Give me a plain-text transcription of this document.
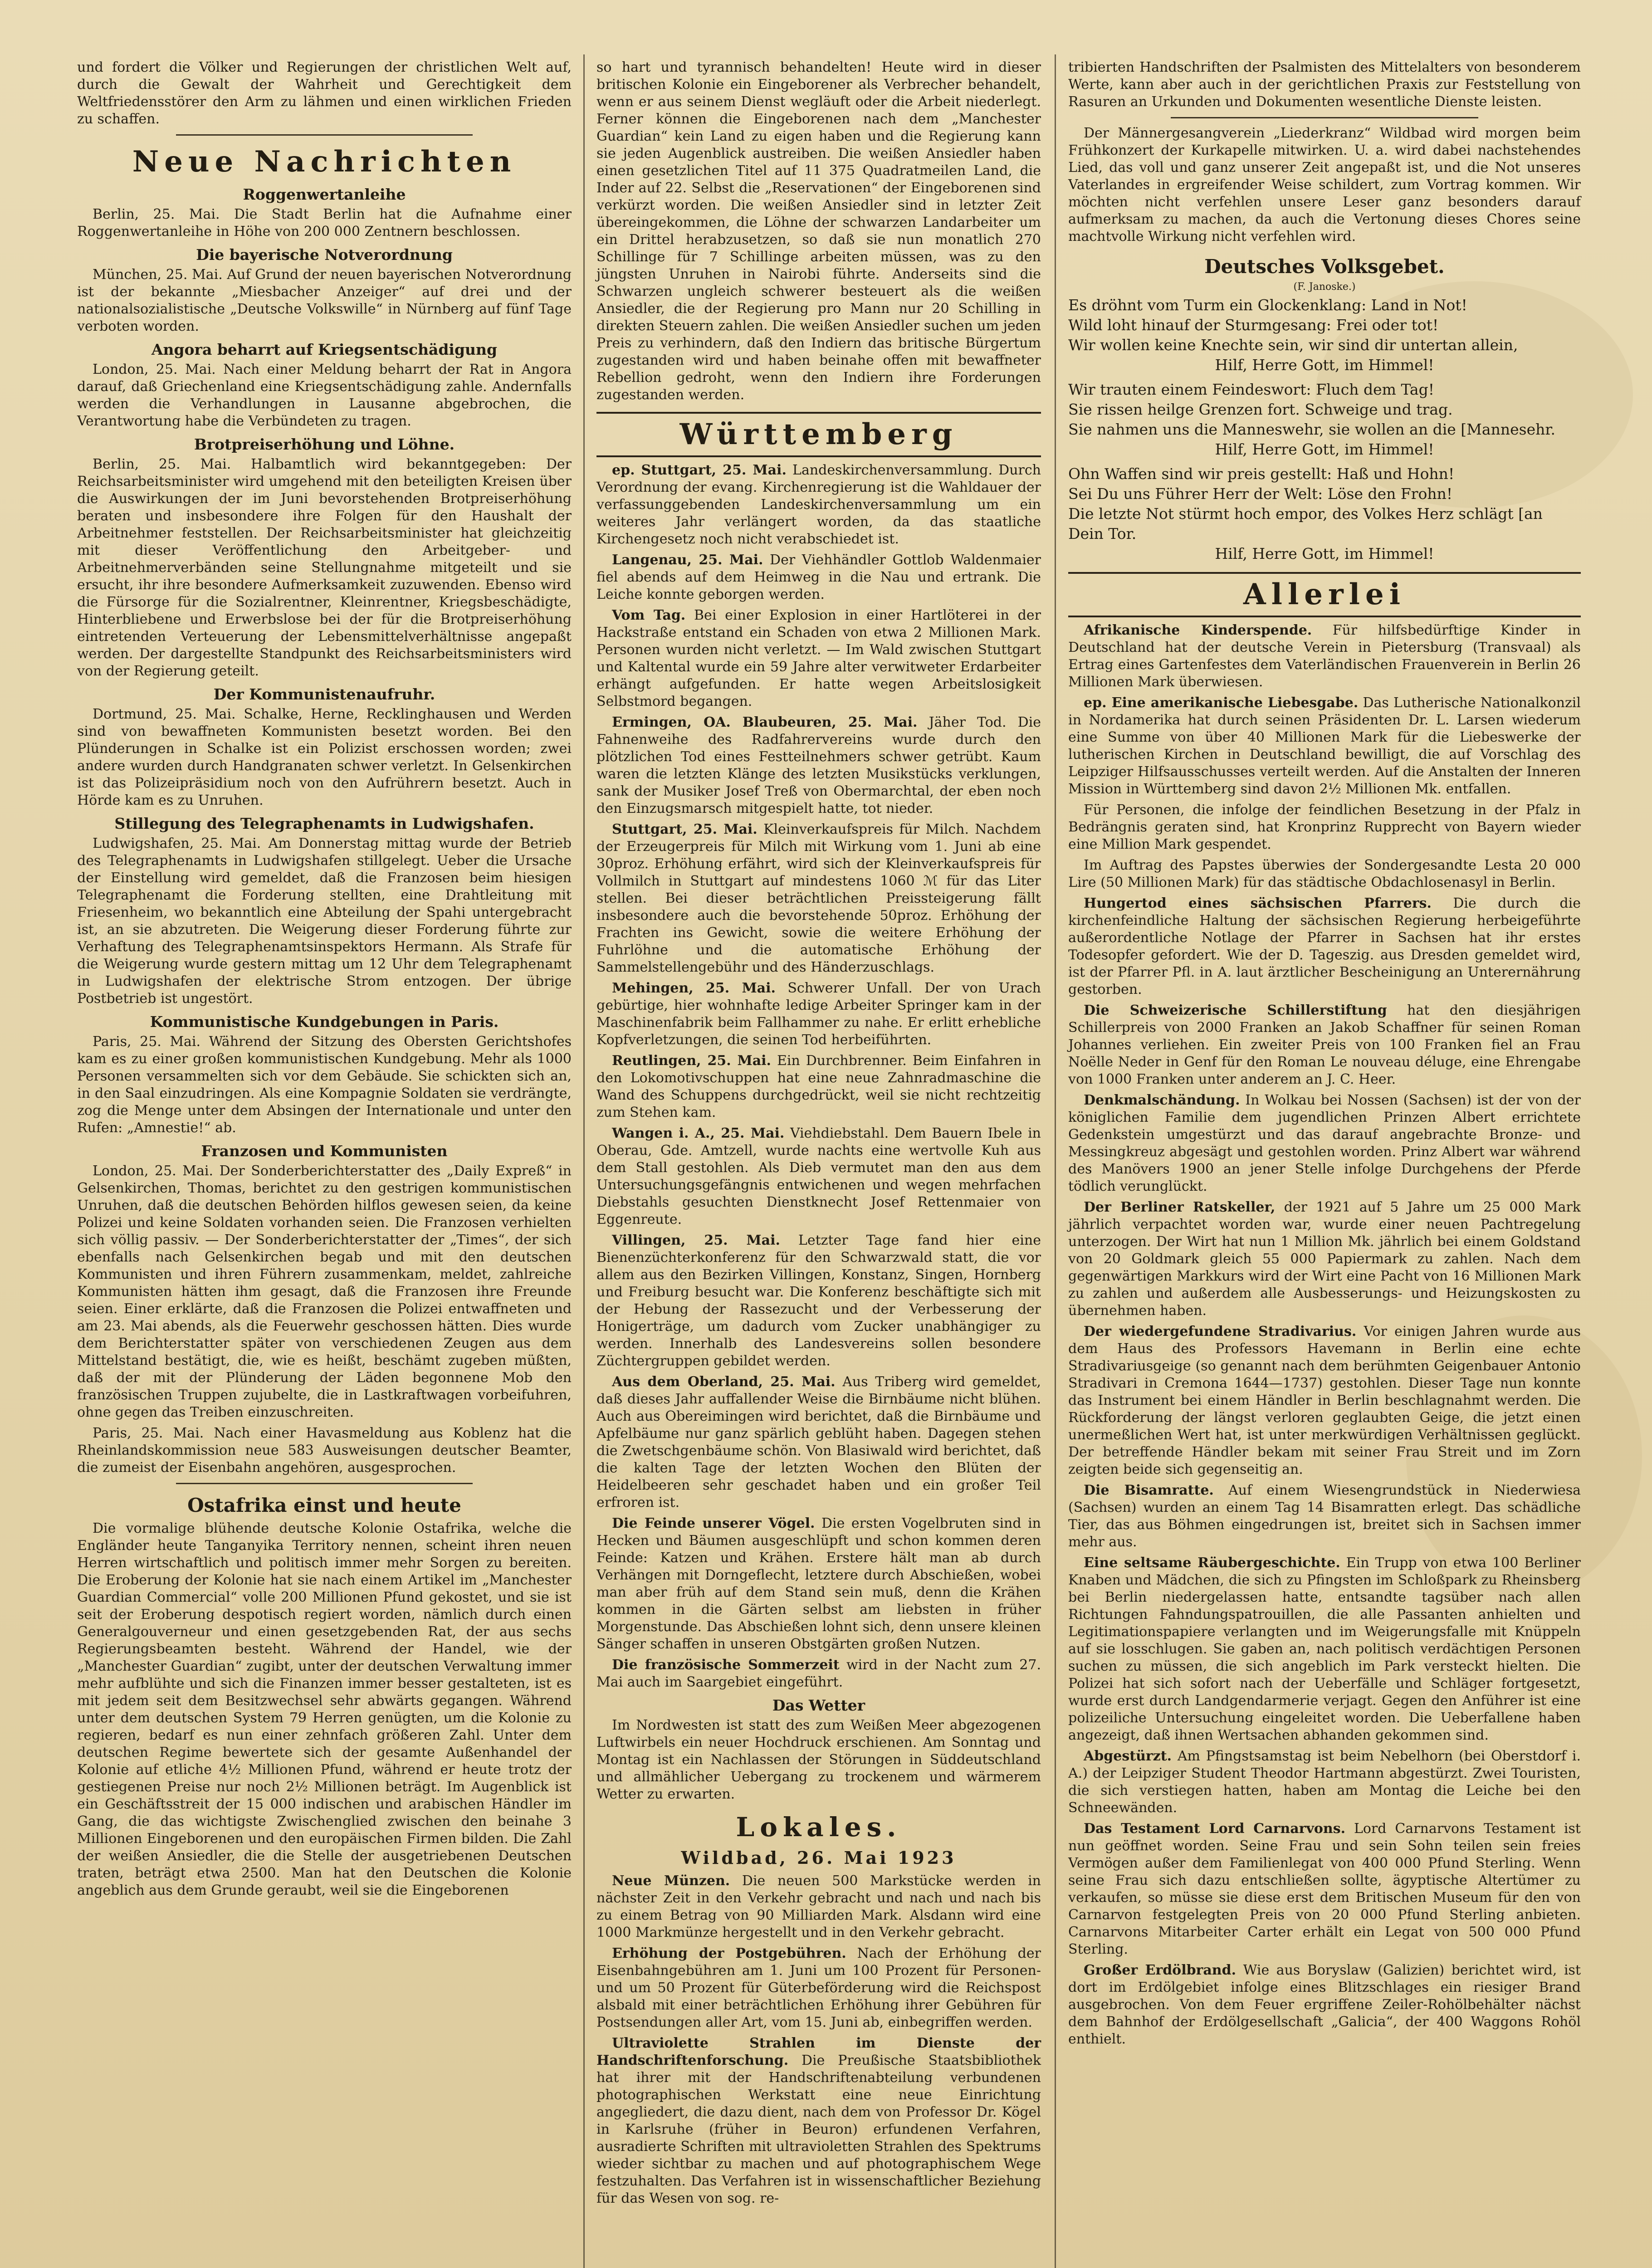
und fordert die Völker und Regierungen der christlichen Welt auf, durch die Gewalt der Wahrheit und Gerechtigkeit dem Weltfriedensstörer den Arm zu lähmen und einen wirklichen Frieden zu schaffen.
Neue Nachrichten
Roggenwertanleihe

Berlin, 25. Mai. Die Stadt Berlin hat die Aufnahme einer Roggenwertanleihe in Höhe von 200 000 Zentnern beschlossen.

Die bayerische Notverordnung

München, 25. Mai. Auf Grund der neuen bayerischen Notverordnung ist der bekannte „Miesbacher Anzeiger“ auf drei und der nationalsozialistische „Deutsche Volkswille“ in Nürnberg auf fünf Tage verboten worden.

Angora beharrt auf Kriegsentschädigung

London, 25. Mai. Nach einer Meldung beharrt der Rat in Angora darauf, daß Griechenland eine Kriegsentschädigung zahle. Andernfalls werden die Verhandlungen in Lausanne abgebrochen, die Verantwortung habe die Verbündeten zu tragen.

Brotpreiserhöhung und Löhne.

Berlin, 25. Mai. Halbamtlich wird bekanntgegeben: Der Reichsarbeitsminister wird umgehend mit den beteiligten Kreisen über die Auswirkungen der im Juni bevorstehenden Brotpreiserhöhung beraten und insbesondere ihre Folgen für den Haushalt der Arbeitnehmer feststellen. Der Reichsarbeitsminister hat gleichzeitig mit dieser Veröffentlichung den Arbeitgeber- und Arbeitnehmerverbänden seine Stellungnahme mitgeteilt und sie ersucht, ihr ihre besondere Aufmerksamkeit zuzuwenden. Ebenso wird die Fürsorge für die Sozialrentner, Kleinrentner, Kriegsbeschädigte, Hinterbliebene und Erwerbslose bei der für die Brotpreiserhöhung eintretenden Verteuerung der Lebensmittelverhältnisse angepaßt werden. Der dargestellte Standpunkt des Reichsarbeitsministers wird von der Regierung geteilt.

Der Kommunistenaufruhr.

Dortmund, 25. Mai. Schalke, Herne, Recklinghausen und Werden sind von bewaffneten Kommunisten besetzt worden. Bei den Plünderungen in Schalke ist ein Polizist erschossen worden; zwei andere wurden durch Handgranaten schwer verletzt. In Gelsenkirchen ist das Polizeipräsidium noch von den Aufrührern besetzt. Auch in Hörde kam es zu Unruhen.

Stillegung des Telegraphenamts in Ludwigshafen.

Ludwigshafen, 25. Mai. Am Donnerstag mittag wurde der Betrieb des Telegraphenamts in Ludwigshafen stillgelegt. Ueber die Ursache der Einstellung wird gemeldet, daß die Franzosen beim hiesigen Telegraphenamt die Forderung stellten, eine Drahtleitung mit Friesenheim, wo bekanntlich eine Abteilung der Spahi untergebracht ist, an sie abzutreten. Die Weigerung dieser Forderung führte zur Verhaftung des Telegraphenamtsinspektors Hermann. Als Strafe für die Weigerung wurde gestern mittag um 12 Uhr dem Telegraphenamt in Ludwigshafen der elektrische Strom entzogen. Der übrige Postbetrieb ist ungestört.

Kommunistische Kundgebungen in Paris.

Paris, 25. Mai. Während der Sitzung des Obersten Gerichtshofes kam es zu einer großen kommunistischen Kundgebung. Mehr als 1000 Personen versammelten sich vor dem Gebäude. Sie schickten sich an, in den Saal einzudringen. Als eine Kompagnie Soldaten sie verdrängte, zog die Menge unter dem Absingen der Internationale und unter den Rufen: „Amnestie!“ ab.

Franzosen und Kommunisten

London, 25. Mai. Der Sonderberichterstatter des „Daily Expreß“ in Gelsenkirchen, Thomas, berichtet zu den gestrigen kommunistischen Unruhen, daß die deutschen Behörden hilflos gewesen seien, da keine Polizei und keine Soldaten vorhanden seien. Die Franzosen verhielten sich völlig passiv. — Der Sonderberichterstatter der „Times“, der sich ebenfalls nach Gelsenkirchen begab und mit den deutschen Kommunisten und ihren Führern zusammenkam, meldet, zahlreiche Kommunisten hätten ihm gesagt, daß die Franzosen ihre Freunde seien. Einer erklärte, daß die Franzosen die Polizei entwaffneten und am 23. Mai abends, als die Feuerwehr geschossen hätten. Dies wurde dem Berichterstatter später von verschiedenen Zeugen aus dem Mittelstand bestätigt, die, wie es heißt, beschämt zugeben müßten, daß der mit der Plünderung der Läden begonnene Mob den französischen Truppen zujubelte, die in Lastkraftwagen vorbeifuhren, ohne gegen das Treiben einzuschreiten.

Paris, 25. Mai. Nach einer Havasmeldung aus Koblenz hat die Rheinlandskommission neue 583 Ausweisungen deutscher Beamter, die zumeist der Eisenbahn angehören, ausgesprochen.

Ostafrika einst und heute

Die vormalige blühende deutsche Kolonie Ostafrika, welche die Engländer heute Tanganyika Territory nennen, scheint ihren neuen Herren wirtschaftlich und politisch immer mehr Sorgen zu bereiten. Die Eroberung der Kolonie hat sie nach einem Artikel im „Manchester Guardian Commercial“ volle 200 Millionen Pfund gekostet, und sie ist seit der Eroberung despotisch regiert worden, nämlich durch einen Generalgouverneur und einen gesetzgebenden Rat, der aus sechs Regierungsbeamten besteht. Während der Handel, wie der „Manchester Guardian“ zugibt, unter der deutschen Verwaltung immer mehr aufblühte und sich die Finanzen immer besser gestalteten, ist es mit jedem seit dem Besitzwechsel sehr abwärts gegangen. Während unter dem deutschen System 79 Herren genügten, um die Kolonie zu regieren, bedarf es nun einer zehnfach größeren Zahl. Unter dem deutschen Regime bewertete sich der gesamte Außenhandel der Kolonie auf etliche 4½ Millionen Pfund, während er heute trotz der gestiegenen Preise nur noch 2½ Millionen beträgt. Im Augenblick ist ein Geschäftsstreit der 15 000 indischen und arabischen Händler im Gang, die das wichtigste Zwischenglied zwischen den beinahe 3 Millionen Eingeborenen und den europäischen Firmen bilden. Die Zahl der weißen Ansiedler, die die Stelle der ausgetriebenen Deutschen traten, beträgt etwa 2500. Man hat den Deutschen die Kolonie angeblich aus dem Grunde geraubt, weil sie die Eingeborenen

so hart und tyrannisch behandelten! Heute wird in dieser britischen Kolonie ein Eingeborener als Verbrecher behandelt, wenn er aus seinem Dienst wegläuft oder die Arbeit niederlegt. Ferner können die Eingeborenen nach dem „Manchester Guardian“ kein Land zu eigen haben und die Regierung kann sie jeden Augenblick austreiben. Die weißen Ansiedler haben einen gesetzlichen Titel auf 11 375 Quadratmeilen Land, die Inder auf 22. Selbst die „Reservationen“ der Eingeborenen sind verkürzt worden. Die weißen Ansiedler sind in letzter Zeit übereingekommen, die Löhne der schwarzen Landarbeiter um ein Drittel herabzusetzen, so daß sie nun monatlich 270 Schillinge für 7 Schillinge arbeiten müssen, was zu den jüngsten Unruhen in Nairobi führte. Anderseits sind die Schwarzen ungleich schwerer besteuert als die weißen Ansiedler, die der Regierung pro Mann nur 20 Schilling in direkten Steuern zahlen. Die weißen Ansiedler suchen um jeden Preis zu verhindern, daß den Indiern das britische Bürgertum zugestanden wird und haben beinahe offen mit bewaffneter Rebellion gedroht, wenn den Indiern ihre Forderungen zugestanden werden.
Württemberg

ep. Stuttgart, 25. Mai. Landeskirchenversammlung. Durch Verordnung der evang. Kirchenregierung ist die Wahldauer der verfassunggebenden Landeskirchenversammlung um ein weiteres Jahr verlängert worden, da das staatliche Kirchengesetz noch nicht verabschiedet ist.

Langenau, 25. Mai. Der Viehhändler Gottlob Waldenmaier fiel abends auf dem Heimweg in die Nau und ertrank. Die Leiche konnte geborgen werden.

Vom Tag. Bei einer Explosion in einer Hartlöterei in der Hackstraße entstand ein Schaden von etwa 2 Millionen Mark. Personen wurden nicht verletzt. — Im Wald zwischen Stuttgart und Kaltental wurde ein 59 Jahre alter verwitweter Erdarbeiter erhängt aufgefunden. Er hatte wegen Arbeitslosigkeit Selbstmord begangen.

Ermingen, OA. Blaubeuren, 25. Mai. Jäher Tod. Die Fahnenweihe des Radfahrervereins wurde durch den plötzlichen Tod eines Festteilnehmers schwer getrübt. Kaum waren die letzten Klänge des letzten Musikstücks verklungen, sank der Musiker Josef Treß von Obermarchtal, der eben noch den Einzugsmarsch mitgespielt hatte, tot nieder.

Stuttgart, 25. Mai. Kleinverkaufspreis für Milch. Nachdem der Erzeugerpreis für Milch mit Wirkung vom 1. Juni ab eine 30proz. Erhöhung erfährt, wird sich der Kleinverkaufspreis für Vollmilch in Stuttgart auf mindestens 1060 ℳ für das Liter stellen. Bei dieser beträchtlichen Preissteigerung fällt insbesondere auch die bevorstehende 50proz. Erhöhung der Frachten ins Gewicht, sowie die weitere Erhöhung der Fuhrlöhne und die automatische Erhöhung der Sammelstellengebühr und des Händerzuschlags.

Mehingen, 25. Mai. Schwerer Unfall. Der von Urach gebürtige, hier wohnhafte ledige Arbeiter Springer kam in der Maschinenfabrik beim Fallhammer zu nahe. Er erlitt erhebliche Kopfverletzungen, die seinen Tod herbeiführten.

Reutlingen, 25. Mai. Ein Durchbrenner. Beim Einfahren in den Lokomotivschuppen hat eine neue Zahnradmaschine die Wand des Schuppens durchgedrückt, weil sie nicht rechtzeitig zum Stehen kam.

Wangen i. A., 25. Mai. Viehdiebstahl. Dem Bauern Ibele in Oberau, Gde. Amtzell, wurde nachts eine wertvolle Kuh aus dem Stall gestohlen. Als Dieb vermutet man den aus dem Untersuchungsgefängnis entwichenen und wegen mehrfachen Diebstahls gesuchten Dienstknecht Josef Rettenmaier von Eggenreute.

Villingen, 25. Mai. Letzter Tage fand hier eine Bienenzüchterkonferenz für den Schwarzwald statt, die vor allem aus den Bezirken Villingen, Konstanz, Singen, Hornberg und Freiburg besucht war. Die Konferenz beschäftigte sich mit der Hebung der Rassezucht und der Verbesserung der Honigerträge, um dadurch vom Zucker unabhängiger zu werden. Innerhalb des Landesvereins sollen besondere Züchtergruppen gebildet werden.

Aus dem Oberland, 25. Mai. Aus Triberg wird gemeldet, daß dieses Jahr auffallender Weise die Birnbäume nicht blühen. Auch aus Obereimingen wird berichtet, daß die Birnbäume und Apfelbäume nur ganz spärlich geblüht haben. Dagegen stehen die Zwetschgenbäume schön. Von Blasiwald wird berichtet, daß die kalten Tage der letzten Wochen den Blüten der Heidelbeeren sehr geschadet haben und ein großer Teil erfroren ist.

Die Feinde unserer Vögel. Die ersten Vogelbruten sind in Hecken und Bäumen ausgeschlüpft und schon kommen deren Feinde: Katzen und Krähen. Erstere hält man ab durch Verhängen mit Dorngeflecht, letztere durch Abschießen, wobei man aber früh auf dem Stand sein muß, denn die Krähen kommen in die Gärten selbst am liebsten in früher Morgenstunde. Das Abschießen lohnt sich, denn unsere kleinen Sänger schaffen in unseren Obstgärten großen Nutzen.

Die französische Sommerzeit wird in der Nacht zum 27. Mai auch im Saargebiet eingeführt.

Das Wetter

Im Nordwesten ist statt des zum Weißen Meer abgezogenen Luftwirbels ein neuer Hochdruck erschienen. Am Sonntag und Montag ist ein Nachlassen der Störungen in Süddeutschland und allmählicher Uebergang zu trockenem und wärmerem Wetter zu erwarten.

Lokales.
Wildbad, 26. Mai 1923

Neue Münzen. Die neuen 500 Markstücke werden in nächster Zeit in den Verkehr gebracht und nach und nach bis zu einem Betrag von 90 Milliarden Mark. Alsdann wird eine 1000 Markmünze hergestellt und in den Verkehr gebracht.

Erhöhung der Postgebühren. Nach der Erhöhung der Eisenbahngebühren am 1. Juni um 100 Prozent für Personen- und um 50 Prozent für Güterbeförderung wird die Reichspost alsbald mit einer beträchtlichen Erhöhung ihrer Gebühren für Postsendungen aller Art, vom 15. Juni ab, einbegriffen werden.

Ultraviolette Strahlen im Dienste der Handschriftenforschung. Die Preußische Staatsbibliothek hat ihrer mit der Handschriftenabteilung verbundenen photographischen Werkstatt eine neue Einrichtung angegliedert, die dazu dient, nach dem von Professor Dr. Kögel in Karlsruhe (früher in Beuron) erfundenen Verfahren, ausradierte Schriften mit ultravioletten Strahlen des Spektrums wieder sichtbar zu machen und auf photographischem Wege festzuhalten. Das Verfahren ist in wissenschaftlicher Beziehung für das Wesen von sog. re-

tribierten Handschriften der Psalmisten des Mittelalters von besonderem Werte, kann aber auch in der gerichtlichen Praxis zur Feststellung von Rasuren an Urkunden und Dokumenten wesentliche Dienste leisten.

Der Männergesangverein „Liederkranz“ Wildbad wird morgen beim Frühkonzert der Kurkapelle mitwirken. U. a. wird dabei nachstehendes Lied, das voll und ganz unserer Zeit angepaßt ist, und die Not unseres Vaterlandes in ergreifender Weise schildert, zum Vortrag kommen. Wir möchten nicht verfehlen unsere Leser ganz besonders darauf aufmerksam zu machen, da auch die Vertonung dieses Chores seine machtvolle Wirkung nicht verfehlen wird.

Deutsches Volksgebet.
(F. Janoske.)
Es dröhnt vom Turm ein Glockenklang: Land in Not!
Wild loht hinauf der Sturmgesang: Frei oder tot!
Wir wollen keine Knechte sein, wir sind dir untertan allein,
Hilf, Herre Gott, im Himmel!
Wir trauten einem Feindeswort: Fluch dem Tag!
Sie rissen heilge Grenzen fort. Schweige und trag.
Sie nahmen uns die Manneswehr, sie wollen an die [Mannesehr.
Hilf, Herre Gott, im Himmel!
Ohn Waffen sind wir preis gestellt: Haß und Hohn!
Sei Du uns Führer Herr der Welt: Löse den Frohn!
Die letzte Not stürmt hoch empor, des Volkes Herz schlägt [an Dein Tor.
Hilf, Herre Gott, im Himmel!
Allerlei

Afrikanische Kinderspende. Für hilfsbedürftige Kinder in Deutschland hat der deutsche Verein in Pietersburg (Transvaal) als Ertrag eines Gartenfestes dem Vaterländischen Frauenverein in Berlin 26 Millionen Mark überwiesen.

ep. Eine amerikanische Liebesgabe. Das Lutherische Nationalkonzil in Nordamerika hat durch seinen Präsidenten Dr. L. Larsen wiederum eine Summe von über 40 Millionen Mark für die Liebeswerke der lutherischen Kirchen in Deutschland bewilligt, die auf Vorschlag des Leipziger Hilfsausschusses verteilt werden. Auf die Anstalten der Inneren Mission in Württemberg sind davon 2½ Millionen Mk. entfallen.

Für Personen, die infolge der feindlichen Besetzung in der Pfalz in Bedrängnis geraten sind, hat Kronprinz Rupprecht von Bayern wieder eine Million Mark gespendet.

Im Auftrag des Papstes überwies der Sondergesandte Lesta 20 000 Lire (50 Millionen Mark) für das städtische Obdachlosenasyl in Berlin.

Hungertod eines sächsischen Pfarrers. Die durch die kirchenfeindliche Haltung der sächsischen Regierung herbeigeführte außerordentliche Notlage der Pfarrer in Sachsen hat ihr erstes Todesopfer gefordert. Wie der D. Tageszig. aus Dresden gemeldet wird, ist der Pfarrer Pfl. in A. laut ärztlicher Bescheinigung an Unterernährung gestorben.

Die Schweizerische Schillerstiftung hat den diesjährigen Schillerpreis von 2000 Franken an Jakob Schaffner für seinen Roman Johannes verliehen. Ein zweiter Preis von 100 Franken fiel an Frau Noëlle Neder in Genf für den Roman Le nouveau déluge, eine Ehrengabe von 1000 Franken unter anderem an J. C. Heer.

Denkmalschändung. In Wolkau bei Nossen (Sachsen) ist der von der königlichen Familie dem jugendlichen Prinzen Albert errichtete Gedenkstein umgestürzt und das darauf angebrachte Bronze- und Messingkreuz abgesägt und gestohlen worden. Prinz Albert war während des Manövers 1900 an jener Stelle infolge Durchgehens der Pferde tödlich verunglückt.

Der Berliner Ratskeller, der 1921 auf 5 Jahre um 25 000 Mark jährlich verpachtet worden war, wurde einer neuen Pachtregelung unterzogen. Der Wirt hat nun 1 Million Mk. jährlich bei einem Goldstand von 20 Goldmark gleich 55 000 Papiermark zu zahlen. Nach dem gegenwärtigen Markkurs wird der Wirt eine Pacht von 16 Millionen Mark zu zahlen und außerdem alle Ausbesserungs- und Heizungskosten zu übernehmen haben.

Der wiedergefundene Stradivarius. Vor einigen Jahren wurde aus dem Haus des Professors Havemann in Berlin eine echte Stradivariusgeige (so genannt nach dem berühmten Geigenbauer Antonio Stradivari in Cremona 1644—1737) gestohlen. Dieser Tage nun konnte das Instrument bei einem Händler in Berlin beschlagnahmt werden. Die Rückforderung der längst verloren geglaubten Geige, die jetzt einen unermeßlichen Wert hat, ist unter merkwürdigen Verhältnissen geglückt. Der betreffende Händler bekam mit seiner Frau Streit und im Zorn zeigten beide sich gegenseitig an.

Die Bisamratte. Auf einem Wiesengrundstück in Niederwiesa (Sachsen) wurden an einem Tag 14 Bisamratten erlegt. Das schädliche Tier, das aus Böhmen eingedrungen ist, breitet sich in Sachsen immer mehr aus.

Eine seltsame Räubergeschichte. Ein Trupp von etwa 100 Berliner Knaben und Mädchen, die sich zu Pfingsten im Schloßpark zu Rheinsberg bei Berlin niedergelassen hatte, entsandte tagsüber nach allen Richtungen Fahndungspatrouillen, die alle Passanten anhielten und Legitimationspapiere verlangten und im Weigerungsfalle mit Knüppeln auf sie losschlugen. Sie gaben an, nach politisch verdächtigen Personen suchen zu müssen, die sich angeblich im Park versteckt hielten. Die Polizei hat sich sofort nach der Ueberfälle und Schläger fortgesetzt, wurde erst durch Landgendarmerie verjagt. Gegen den Anführer ist eine polizeiliche Untersuchung eingeleitet worden. Die Ueberfallene haben angezeigt, daß ihnen Wertsachen abhanden gekommen sind.

Abgestürzt. Am Pfingstsamstag ist beim Nebelhorn (bei Oberstdorf i. A.) der Leipziger Student Theodor Hartmann abgestürzt. Zwei Touristen, die sich verstiegen hatten, haben am Montag die Leiche bei den Schneewänden.

Das Testament Lord Carnarvons. Lord Carnarvons Testament ist nun geöffnet worden. Seine Frau und sein Sohn teilen sein freies Vermögen außer dem Familienlegat von 400 000 Pfund Sterling. Wenn seine Frau sich dazu entschließen sollte, ägyptische Altertümer zu verkaufen, so müsse sie diese erst dem Britischen Museum für den von Carnarvon festgelegten Preis von 20 000 Pfund Sterling anbieten. Carnarvons Mitarbeiter Carter erhält ein Legat von 500 000 Pfund Sterling.

Großer Erdölbrand. Wie aus Boryslaw (Galizien) berichtet wird, ist dort im Erdölgebiet infolge eines Blitzschlages ein riesiger Brand ausgebrochen. Von dem Feuer ergriffene Zeiler-Rohölbehälter nächst dem Bahnhof der Erdölgesellschaft „Galicia“, der 400 Waggons Rohöl enthielt.
